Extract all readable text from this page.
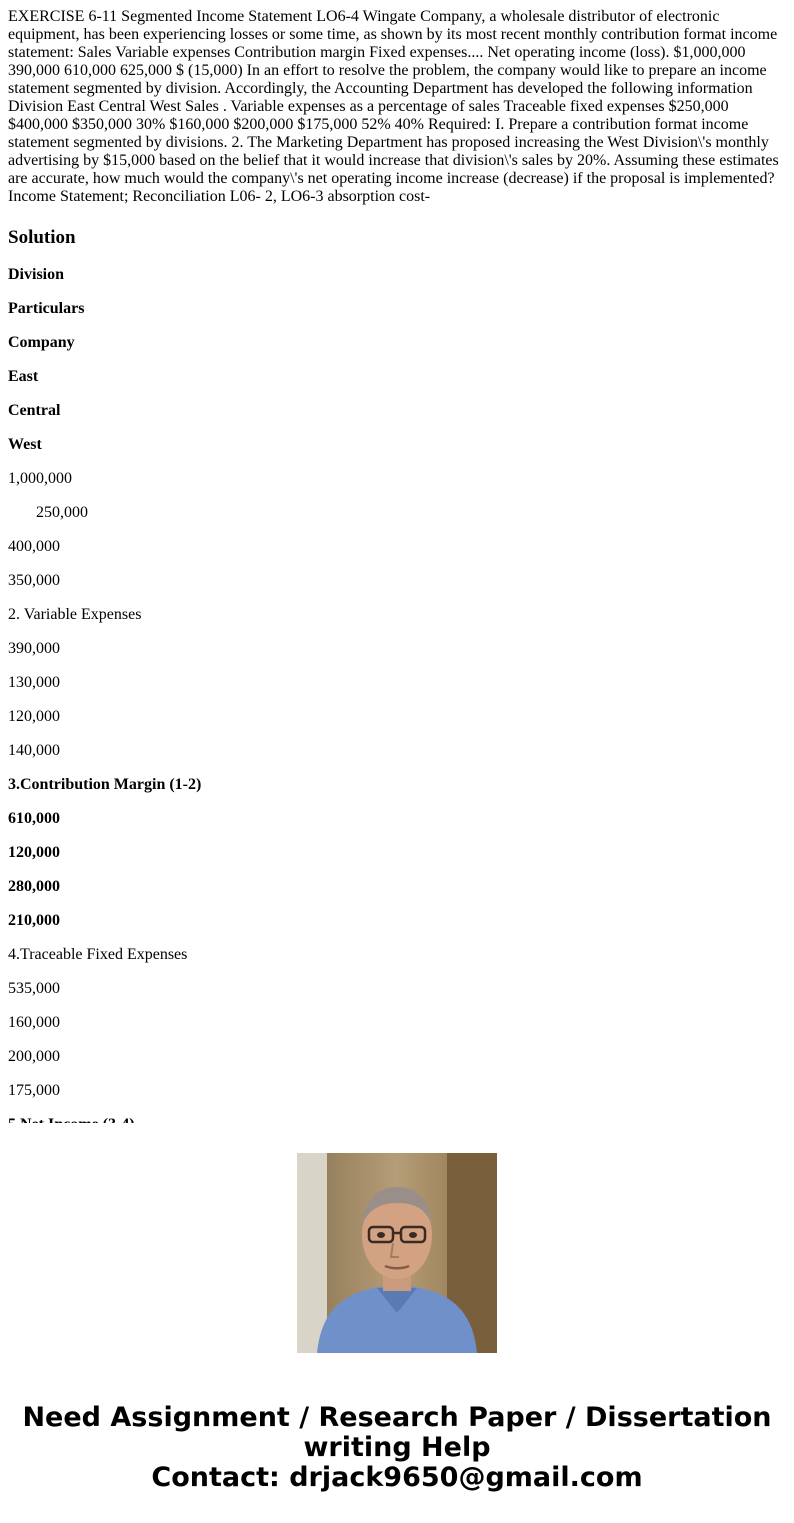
EXERCISE 6-11 Segmented Income Statement LO6-4 Wingate Company, a wholesale distributor of electronic equipment, has been experiencing losses or some time, as shown by its most recent monthly contribution format income statement: Sales Variable expenses Contribution margin Fixed expenses.... Net operating income (loss). $1,000,000 390,000 610,000 625,000 $ (15,000) In an effort to resolve the problem, the company would like to prepare an income statement segmented by division. Accordingly, the Accounting Department has developed the following information Division East Central West Sales . Variable expenses as a percentage of sales Traceable fixed expenses $250,000 $400,000 $350,000 30% $160,000 $200,000 $175,000 52% 40% Required: I. Prepare a contribution format income statement segmented by divisions. 2. The Marketing Department has proposed increasing the West Division\'s monthly advertising by $15,000 based on the belief that it would increase that division\'s sales by 20%. Assuming these estimates are accurate, how much would the company\'s net operating income increase (decrease) if the proposal is implemented? Income Statement; Reconciliation L06- 2, LO6-3 absorption cost-
Solution
Division
Particulars
Company
East
Central
West
1,000,000
250,000
400,000
350,000
2. Variable Expenses
390,000
130,000
120,000
140,000
3.Contribution Margin (1-2)
610,000
120,000
280,000
210,000
4.Traceable Fixed Expenses
535,000
160,000
200,000
175,000
Need Assignment / Research Paper / Dissertation
writing Help
Contact: drjack9650@gmail.com
